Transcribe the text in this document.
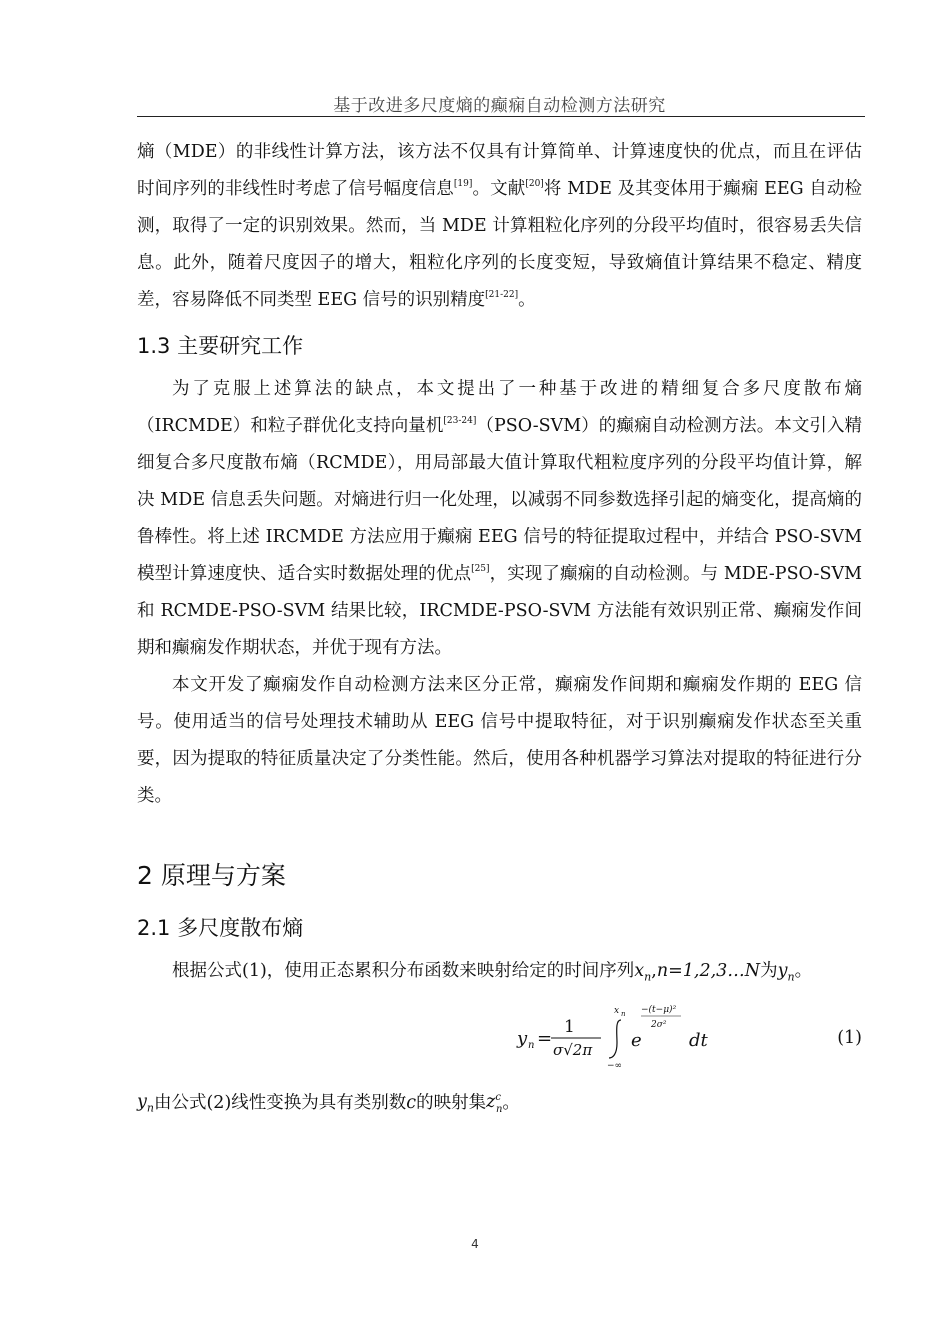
基于改进多尺度熵的癫痫自动检测方法研究

熵（MDE）的非线性计算方法，该方法不仅具有计算简单、计算速度快的优点，而且在评估时间序列的非线性时考虑了信号幅度信息[19]。文献[20]将 MDE 及其变体用于癫痫 EEG 自动检测，取得了一定的识别效果。然而，当 MDE 计算粗粒化序列的分段平均值时，很容易丢失信息。此外，随着尺度因子的增大，粗粒化序列的长度变短，导致熵值计算结果不稳定、精度差，容易降低不同类型 EEG 信号的识别精度[21-22]。

1.3 主要研究工作

为了克服上述算法的缺点，本文提出了一种基于改进的精细复合多尺度散布熵（IRCMDE）和粒子群优化支持向量机[23-24]（PSO-SVM）的癫痫自动检测方法。本文引入精细复合多尺度散布熵（RCMDE），用局部最大值计算取代粗粒度序列的分段平均值计算，解决 MDE 信息丢失问题。对熵进行归一化处理，以减弱不同参数选择引起的熵变化，提高熵的鲁棒性。将上述 IRCMDE 方法应用于癫痫 EEG 信号的特征提取过程中，并结合 PSO-SVM 模型计算速度快、适合实时数据处理的优点[25]，实现了癫痫的自动检测。与 MDE-PSO-SVM 和 RCMDE-PSO-SVM 结果比较，IRCMDE-PSO-SVM 方法能有效识别正常、癫痫发作间期和癫痫发作期状态，并优于现有方法。

本文开发了癫痫发作自动检测方法来区分正常，癫痫发作间期和癫痫发作期的 EEG 信号。使用适当的信号处理技术辅助从 EEG 信号中提取特征，对于识别癫痫发作状态至关重要，因为提取的特征质量决定了分类性能。然后，使用各种机器学习算法对提取的特征进行分类。

2 原理与方案
2.1 多尺度散布熵

根据公式(1)，使用正态累积分布函数来映射给定的时间序列$x_n,n=1,2,3\dots N$为$y_n$。

y n =
1
σ√2π
x n
−∞
e
−(t−μ)²
2σ²
dt	(1)

$y_n$由公式(2)线性变换为具有类别数c的映射集$z^c_n$。

4
